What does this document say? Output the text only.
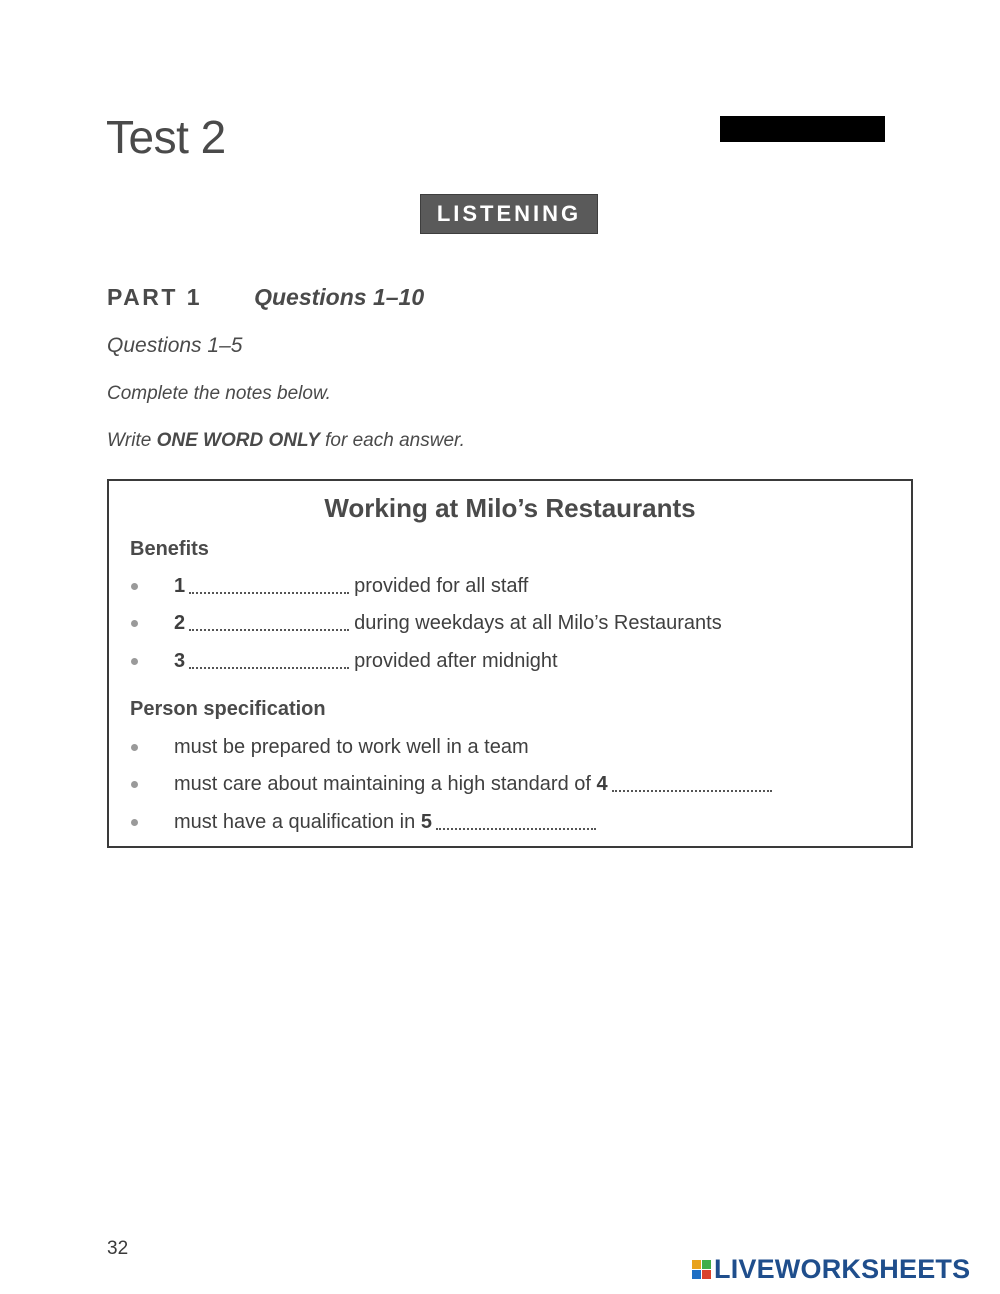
Test 2
LISTENING
PART 1 Questions 1–10
Questions 1–5
Complete the notes below.
Write ONE WORD ONLY for each answer.
Working at Milo’s Restaurants
Benefits
1	provided for all staff
2	during weekdays at all Milo’s Restaurants
3	provided after midnight
Person specification
must be prepared to work well in a team
must care about maintaining a high standard of 4
must have a qualification in 5
32
LIVEWORKSHEETS
